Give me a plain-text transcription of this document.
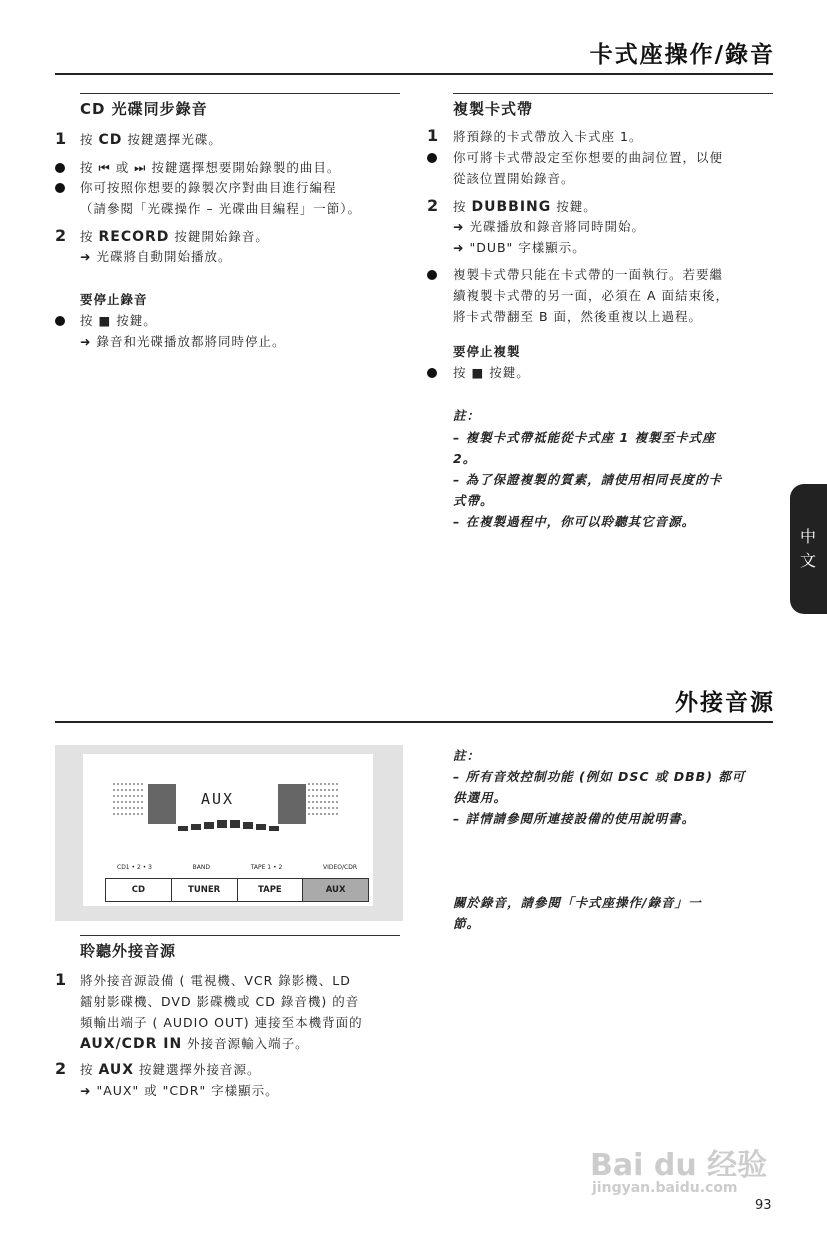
卡式座操作/錄音
CD 光碟同步錄音
1 按 CD 按鍵選擇光碟。
按 ⏮ 或 ⏭ 按鍵選擇想要開始錄製的曲目。
你可按照你想要的錄製次序對曲目進行編程
（請參閱「光碟操作 – 光碟曲目編程」一節）。
2 按 RECORD 按鍵開始錄音。
➜ 光碟將自動開始播放。
要停止錄音
按 ■ 按鍵。
➜ 錄音和光碟播放都將同時停止。
複製卡式帶
1 將預錄的卡式帶放入卡式座 1。
你可將卡式帶設定至你想要的曲詞位置，以便
從該位置開始錄音。
2 按 DUBBING 按鍵。
➜ 光碟播放和錄音將同時開始。
➜ "DUB" 字樣顯示。
複製卡式帶只能在卡式帶的一面執行。若要繼
續複製卡式帶的另一面，必須在 A 面結束後，
將卡式帶翻至 B 面，然後重複以上過程。
要停止複製
按 ■ 按鍵。
註：
– 複製卡式帶祗能從卡式座 1 複製至卡式座
2。
– 為了保證複製的質素，請使用相同長度的卡
式帶。
– 在複製過程中，你可以聆聽其它音源。
中
文
外接音源
AUX
CD1 • 2 • 3	BAND	TAPE 1 • 2	VIDEO/CDR
CD	TUNER	TAPE	AUX
聆聽外接音源
1 將外接音源設備 ( 電視機、VCR 錄影機、LD
鐳射影碟機、DVD 影碟機或 CD 錄音機) 的音
頻輸出端子 ( AUDIO OUT) 連接至本機背面的
AUX/CDR IN 外接音源輸入端子。
2 按 AUX 按鍵選擇外接音源。
➜ "AUX" 或 "CDR" 字樣顯示。
註：
– 所有音效控制功能 (例如 DSC 或 DBB) 都可
供選用。
– 詳情請參閱所連接設備的使用說明書。
關於錄音，請參閱「卡式座操作/錄音」一
節。
Bai du 经验
jingyan.baidu.com
93
